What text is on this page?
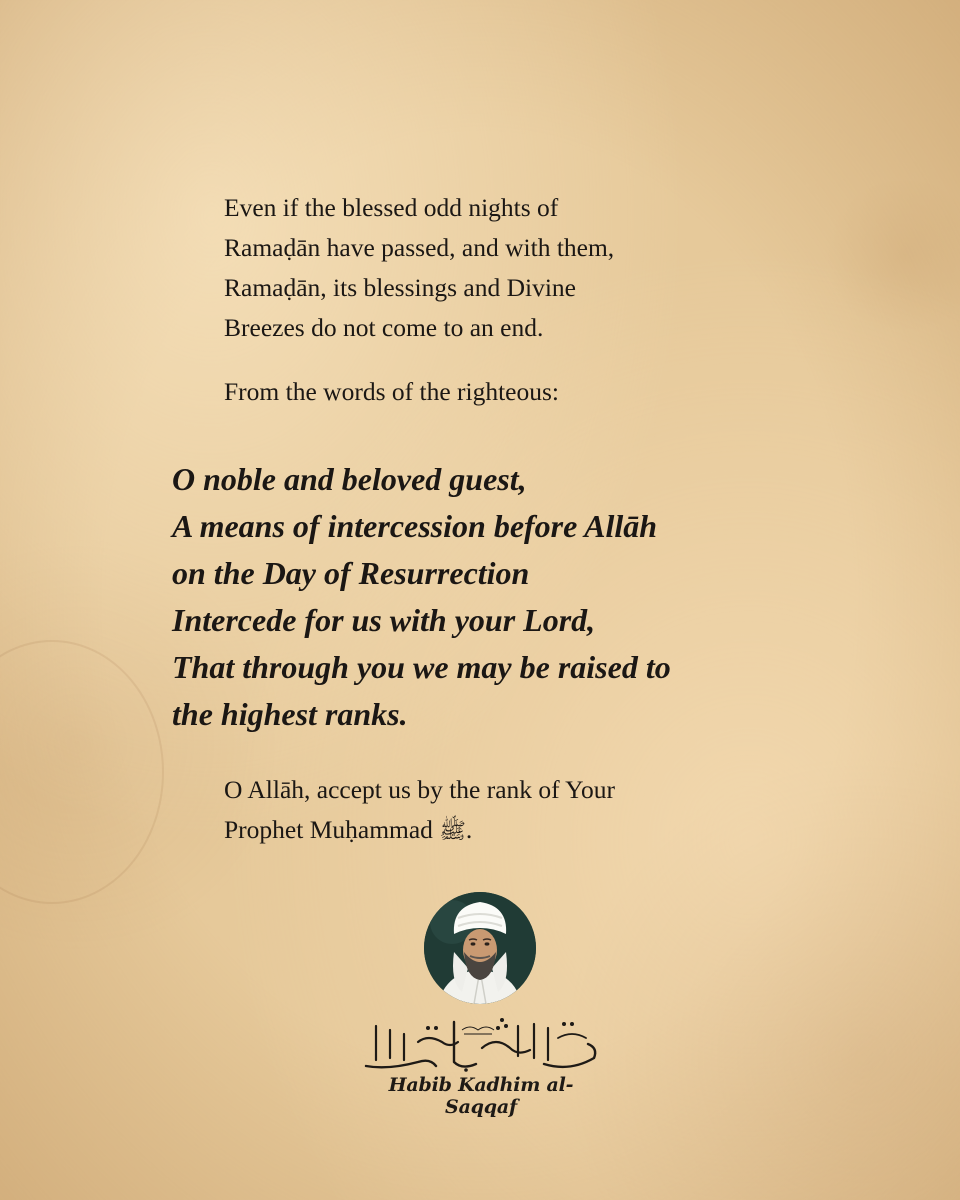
Even if the blessed odd nights of

Ramaḍān have passed, and with them,

Ramaḍān, its blessings and Divine

Breezes do not come to an end.

From the words of the righteous:

O noble and beloved guest,
A means of intercession before Allāh
on the Day of Resurrection
Intercede for us with your Lord,
That through you we may be raised to
the highest ranks.

O Allāh, accept us by the rank of Your

Prophet Muḥammad ﷺ.

Habib Kadhim al-Saqqaf
